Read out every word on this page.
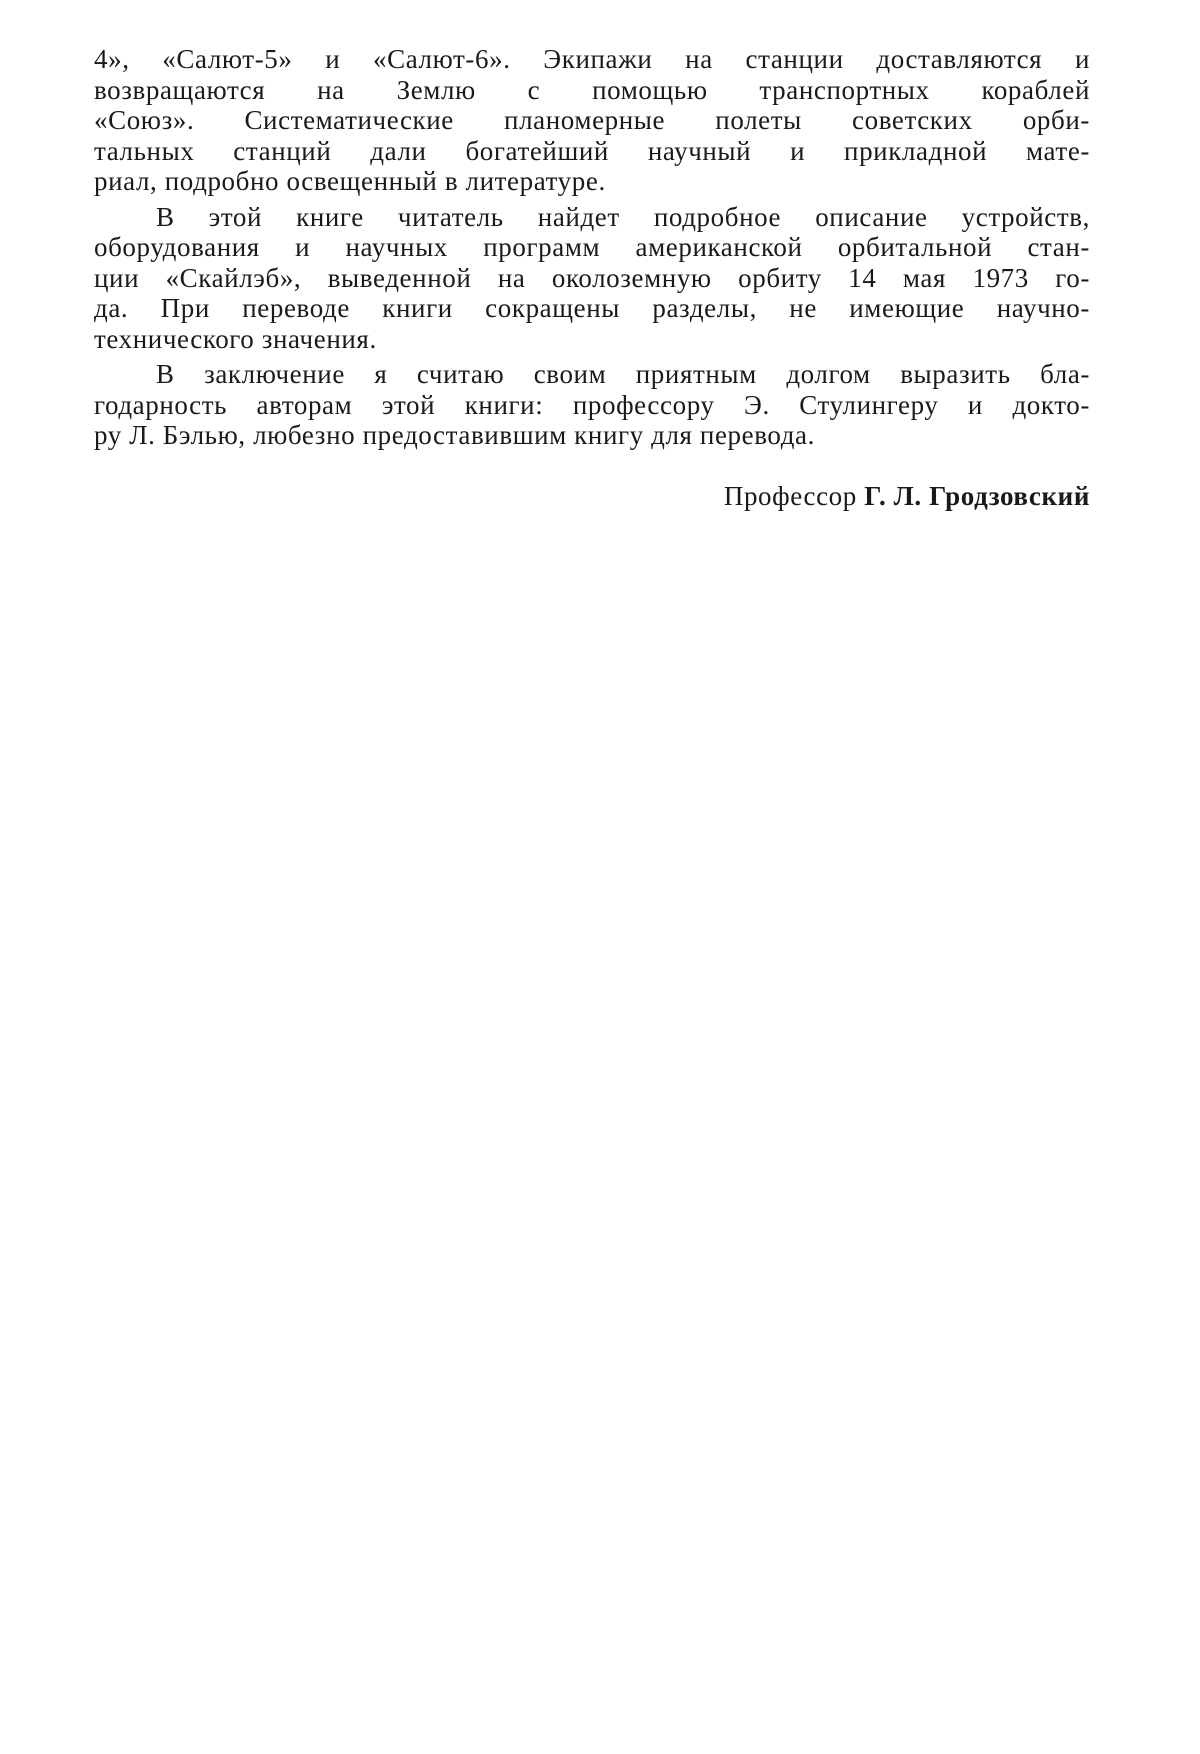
4», «Салют-5» и «Салют-6». Экипажи на станции доставляются и
возвращаются на Землю с помощью транспортных кораблей
«Союз». Систематические планомерные полеты советских орби-
тальных станций дали богатейший научный и прикладной мате-
риал, подробно освещенный в литературе.

В этой книге читатель найдет подробное описание устройств,
оборудования и научных программ американской орбитальной стан-
ции «Скайлэб», выведенной на околоземную орбиту 14 мая 1973 го-
да. При переводе книги сокращены разделы, не имеющие научно-
технического значения.

В заключение я считаю своим приятным долгом выразить бла-
годарность авторам этой книги: профессору Э. Стулингеру и докто-
ру Л. Бэлью, любезно предоставившим книгу для перевода.

Профессор Г. Л. Гродзовский
